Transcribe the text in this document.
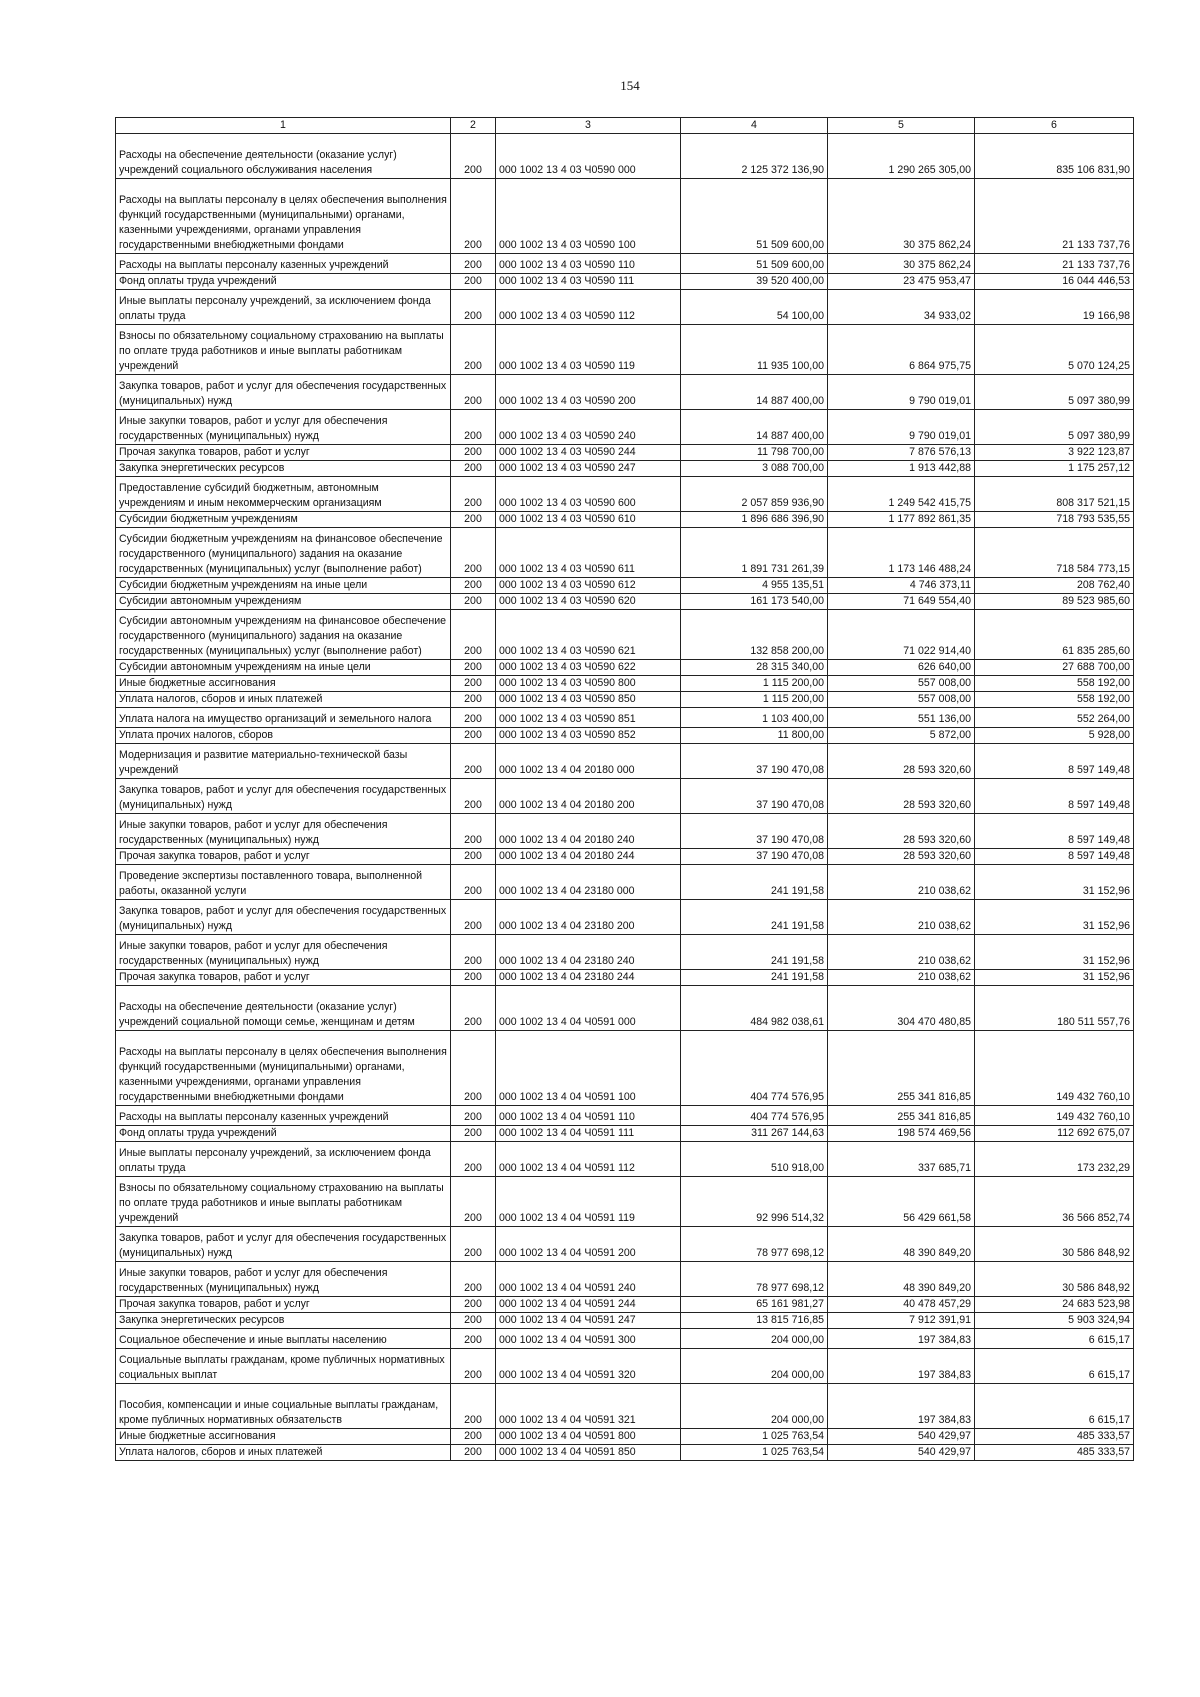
154
1	2	3	4	5	6
Расходы на обеспечение деятельности (оказание услуг) учреждений социального обслуживания населения	200	000 1002 13 4 03 Ч0590 000	2 125 372 136,90	1 290 265 305,00	835 106 831,90
Расходы на выплаты персоналу в целях обеспечения выполнения функций государственными (муниципальными) органами, казенными учреждениями, органами управления государственными внебюджетными фондами	200	000 1002 13 4 03 Ч0590 100	51 509 600,00	30 375 862,24	21 133 737,76
Расходы на выплаты персоналу казенных учреждений	200	000 1002 13 4 03 Ч0590 110	51 509 600,00	30 375 862,24	21 133 737,76
Фонд оплаты труда учреждений	200	000 1002 13 4 03 Ч0590 111	39 520 400,00	23 475 953,47	16 044 446,53
Иные выплаты персоналу учреждений, за исключением фонда оплаты труда	200	000 1002 13 4 03 Ч0590 112	54 100,00	34 933,02	19 166,98
Взносы по обязательному социальному страхованию на выплаты по оплате труда работников и иные выплаты работникам учреждений	200	000 1002 13 4 03 Ч0590 119	11 935 100,00	6 864 975,75	5 070 124,25
Закупка товаров, работ и услуг для обеспечения государственных (муниципальных) нужд	200	000 1002 13 4 03 Ч0590 200	14 887 400,00	9 790 019,01	5 097 380,99
Иные закупки товаров, работ и услуг для обеспечения государственных (муниципальных) нужд	200	000 1002 13 4 03 Ч0590 240	14 887 400,00	9 790 019,01	5 097 380,99
Прочая закупка товаров, работ и услуг	200	000 1002 13 4 03 Ч0590 244	11 798 700,00	7 876 576,13	3 922 123,87
Закупка энергетических ресурсов	200	000 1002 13 4 03 Ч0590 247	3 088 700,00	1 913 442,88	1 175 257,12
Предоставление субсидий бюджетным, автономным учреждениям и иным некоммерческим организациям	200	000 1002 13 4 03 Ч0590 600	2 057 859 936,90	1 249 542 415,75	808 317 521,15
Субсидии бюджетным учреждениям	200	000 1002 13 4 03 Ч0590 610	1 896 686 396,90	1 177 892 861,35	718 793 535,55
Субсидии бюджетным учреждениям на финансовое обеспечение государственного (муниципального) задания на оказание государственных (муниципальных) услуг (выполнение работ)	200	000 1002 13 4 03 Ч0590 611	1 891 731 261,39	1 173 146 488,24	718 584 773,15
Субсидии бюджетным учреждениям на иные цели	200	000 1002 13 4 03 Ч0590 612	4 955 135,51	4 746 373,11	208 762,40
Субсидии автономным учреждениям	200	000 1002 13 4 03 Ч0590 620	161 173 540,00	71 649 554,40	89 523 985,60
Субсидии автономным учреждениям на финансовое обеспечение государственного (муниципального) задания на оказание государственных (муниципальных) услуг (выполнение работ)	200	000 1002 13 4 03 Ч0590 621	132 858 200,00	71 022 914,40	61 835 285,60
Субсидии автономным учреждениям на иные цели	200	000 1002 13 4 03 Ч0590 622	28 315 340,00	626 640,00	27 688 700,00
Иные бюджетные ассигнования	200	000 1002 13 4 03 Ч0590 800	1 115 200,00	557 008,00	558 192,00
Уплата налогов, сборов и иных платежей	200	000 1002 13 4 03 Ч0590 850	1 115 200,00	557 008,00	558 192,00
Уплата налога на имущество организаций и земельного налога	200	000 1002 13 4 03 Ч0590 851	1 103 400,00	551 136,00	552 264,00
Уплата прочих налогов, сборов	200	000 1002 13 4 03 Ч0590 852	11 800,00	5 872,00	5 928,00
Модернизация и развитие материально-технической базы учреждений	200	000 1002 13 4 04 20180 000	37 190 470,08	28 593 320,60	8 597 149,48
Закупка товаров, работ и услуг для обеспечения государственных (муниципальных) нужд	200	000 1002 13 4 04 20180 200	37 190 470,08	28 593 320,60	8 597 149,48
Иные закупки товаров, работ и услуг для обеспечения государственных (муниципальных) нужд	200	000 1002 13 4 04 20180 240	37 190 470,08	28 593 320,60	8 597 149,48
Прочая закупка товаров, работ и услуг	200	000 1002 13 4 04 20180 244	37 190 470,08	28 593 320,60	8 597 149,48
Проведение экспертизы поставленного товара, выполненной работы, оказанной услуги	200	000 1002 13 4 04 23180 000	241 191,58	210 038,62	31 152,96
Закупка товаров, работ и услуг для обеспечения государственных (муниципальных) нужд	200	000 1002 13 4 04 23180 200	241 191,58	210 038,62	31 152,96
Иные закупки товаров, работ и услуг для обеспечения государственных (муниципальных) нужд	200	000 1002 13 4 04 23180 240	241 191,58	210 038,62	31 152,96
Прочая закупка товаров, работ и услуг	200	000 1002 13 4 04 23180 244	241 191,58	210 038,62	31 152,96
Расходы на обеспечение деятельности (оказание услуг) учреждений социальной помощи семье, женщинам и детям	200	000 1002 13 4 04 Ч0591 000	484 982 038,61	304 470 480,85	180 511 557,76
Расходы на выплаты персоналу в целях обеспечения выполнения функций государственными (муниципальными) органами, казенными учреждениями, органами управления государственными внебюджетными фондами	200	000 1002 13 4 04 Ч0591 100	404 774 576,95	255 341 816,85	149 432 760,10
Расходы на выплаты персоналу казенных учреждений	200	000 1002 13 4 04 Ч0591 110	404 774 576,95	255 341 816,85	149 432 760,10
Фонд оплаты труда учреждений	200	000 1002 13 4 04 Ч0591 111	311 267 144,63	198 574 469,56	112 692 675,07
Иные выплаты персоналу учреждений, за исключением фонда оплаты труда	200	000 1002 13 4 04 Ч0591 112	510 918,00	337 685,71	173 232,29
Взносы по обязательному социальному страхованию на выплаты по оплате труда работников и иные выплаты работникам учреждений	200	000 1002 13 4 04 Ч0591 119	92 996 514,32	56 429 661,58	36 566 852,74
Закупка товаров, работ и услуг для обеспечения государственных (муниципальных) нужд	200	000 1002 13 4 04 Ч0591 200	78 977 698,12	48 390 849,20	30 586 848,92
Иные закупки товаров, работ и услуг для обеспечения государственных (муниципальных) нужд	200	000 1002 13 4 04 Ч0591 240	78 977 698,12	48 390 849,20	30 586 848,92
Прочая закупка товаров, работ и услуг	200	000 1002 13 4 04 Ч0591 244	65 161 981,27	40 478 457,29	24 683 523,98
Закупка энергетических ресурсов	200	000 1002 13 4 04 Ч0591 247	13 815 716,85	7 912 391,91	5 903 324,94
Социальное обеспечение и иные выплаты населению	200	000 1002 13 4 04 Ч0591 300	204 000,00	197 384,83	6 615,17
Социальные выплаты гражданам, кроме публичных нормативных социальных выплат	200	000 1002 13 4 04 Ч0591 320	204 000,00	197 384,83	6 615,17
Пособия, компенсации и иные социальные выплаты гражданам, кроме публичных нормативных обязательств	200	000 1002 13 4 04 Ч0591 321	204 000,00	197 384,83	6 615,17
Иные бюджетные ассигнования	200	000 1002 13 4 04 Ч0591 800	1 025 763,54	540 429,97	485 333,57
Уплата налогов, сборов и иных платежей	200	000 1002 13 4 04 Ч0591 850	1 025 763,54	540 429,97	485 333,57
